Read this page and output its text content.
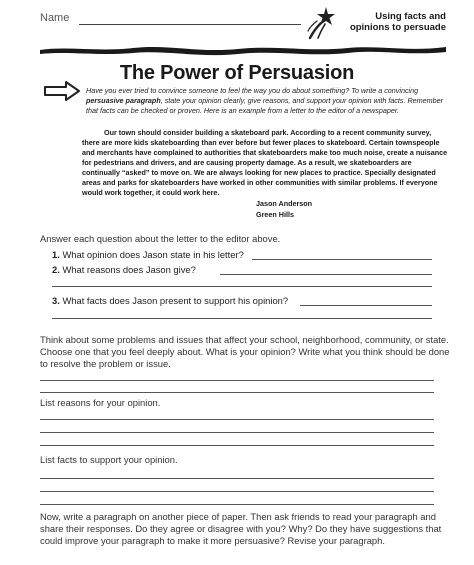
Name	Using facts and
opinions to persuade
The Power of Persuasion
Have you ever tried to convince someone to feel the way you do about something? To write a convincing persuasive paragraph, state your opinion clearly, give reasons, and support your opinion with facts. Remember that facts can be checked or proven. Here is an example from a letter to the editor of a newspaper.
Our town should consider building a skateboard park. According to a recent community survey, there are more kids skateboarding than ever before but fewer places to skateboard. Certain townspeople and merchants have complained to authorities that skateboarders make too much noise, create a nuisance for pedestrians and drivers, and are causing property damage. As a result, we skateboarders are continually “asked” to move on. We are always looking for new places to practice. Specially designated areas and parks for skateboarders have worked in other communities with similar problems. If everyone would work together, it could work here.
Jason Anderson
Green Hills
Answer each question about the letter to the editor above.
1. What opinion does Jason state in his letter?
2. What reasons does Jason give?
3. What facts does Jason present to support his opinion?
Think about some problems and issues that affect your school, neighborhood, community, or state. Choose one that you feel deeply about. What is your opinion? Write what you think should be done to resolve the problem or issue.
List reasons for your opinion.
List facts to support your opinion.
Now, write a paragraph on another piece of paper. Then ask friends to read your paragraph and share their responses. Do they agree or disagree with you? Why? Do they have suggestions that could improve your paragraph to make it more persuasive? Revise your paragraph.
